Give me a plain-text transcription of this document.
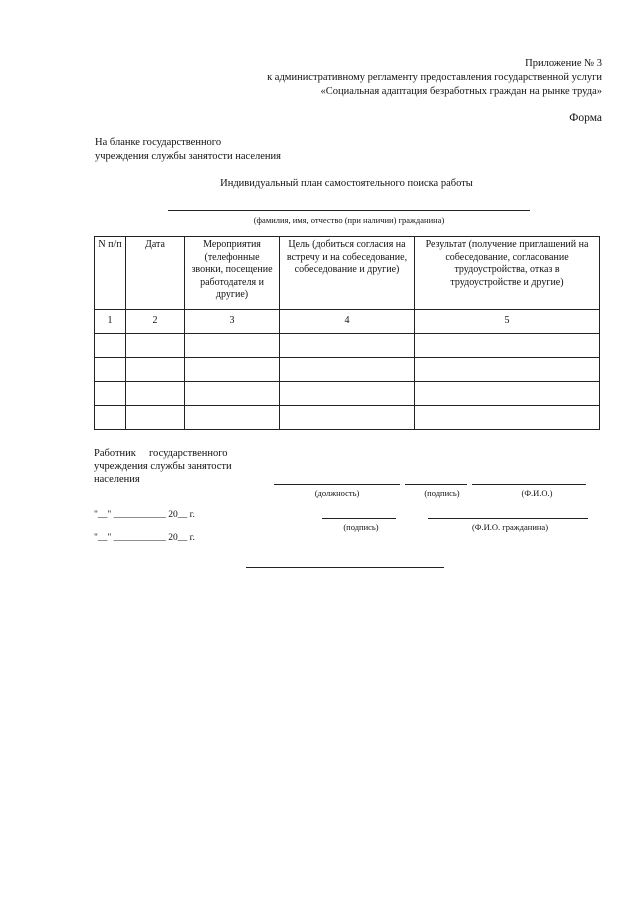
Приложение № 3
к административному регламенту предоставления государственной услуги
«Социальная адаптация безработных граждан на рынке труда»
Форма
На бланке государственного
учреждения службы занятости населения
Индивидуальный план самостоятельного поиска работы
(фамилия, имя, отчество (при наличии) гражданина)
N п/п	Дата	Мероприятия (телефонные звонки, посещение работодателя и другие)	Цель (добиться согласия на встречу и на собеседование, собеседование и другие)	Результат (получение приглашений на собеседование, согласование трудоустройства, отказ в трудоустройстве и другие)
1	2	3	4	5

Работник     государственного
учреждения службы занятости
населения
(должность)	(подпись)	(Ф.И.О.)
"__" ___________ 20__ г.
"__" ___________ 20__ г.
(подпись)	(Ф.И.О. гражданина)
